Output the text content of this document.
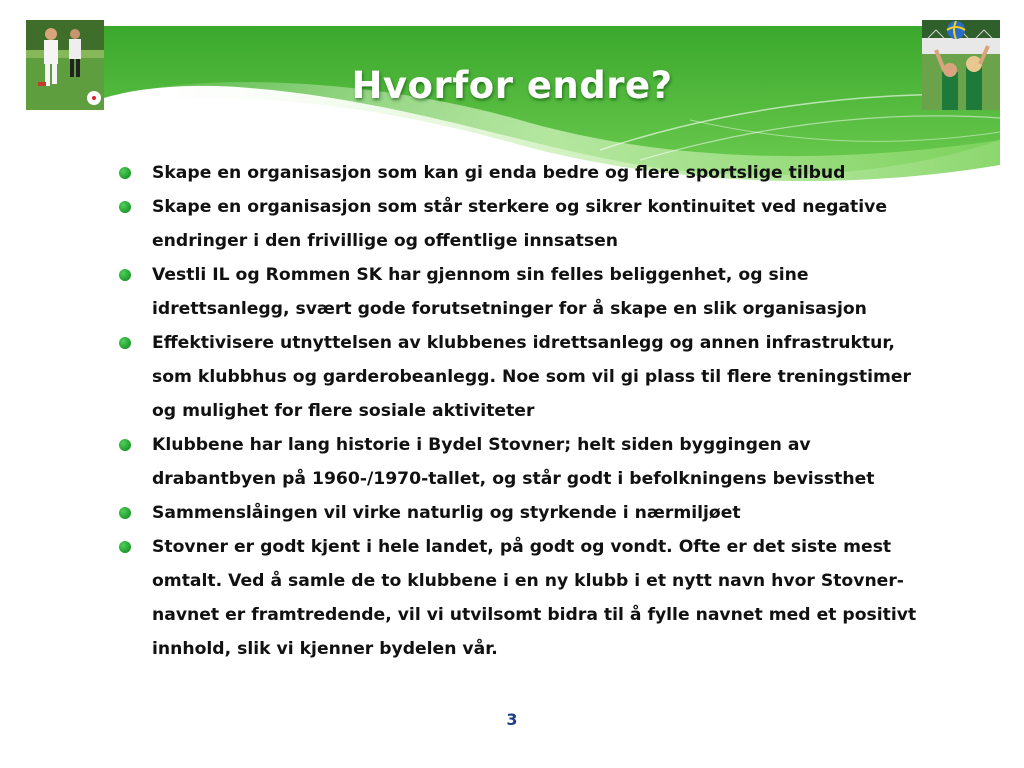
Hvorfor endre?
Skape en organisasjon som kan gi enda bedre og flere sportslige tilbud
Skape en organisasjon som står sterkere og sikrer kontinuitet ved negative endringer i den frivillige og offentlige innsatsen
Vestli IL og Rommen SK har gjennom sin felles beliggenhet, og sine idrettsanlegg, svært gode forutsetninger for å skape en slik organisasjon
Effektivisere utnyttelsen av klubbenes idrettsanlegg og annen infrastruktur, som klubbhus og garderobeanlegg. Noe som vil gi plass til flere treningstimer og mulighet for flere sosiale aktiviteter
Klubbene har lang historie i Bydel Stovner; helt siden byggingen av drabantbyen på 1960-/1970-tallet, og står godt i befolkningens bevissthet
Sammenslåingen vil virke naturlig og styrkende i nærmiljøet
Stovner er godt kjent i hele landet, på godt og vondt. Ofte er det siste mest omtalt. Ved å samle de to klubbene i en ny klubb i et nytt navn hvor Stovner-navnet er framtredende, vil vi utvilsomt bidra til å fylle navnet med et positivt innhold, slik vi kjenner bydelen vår.
3
